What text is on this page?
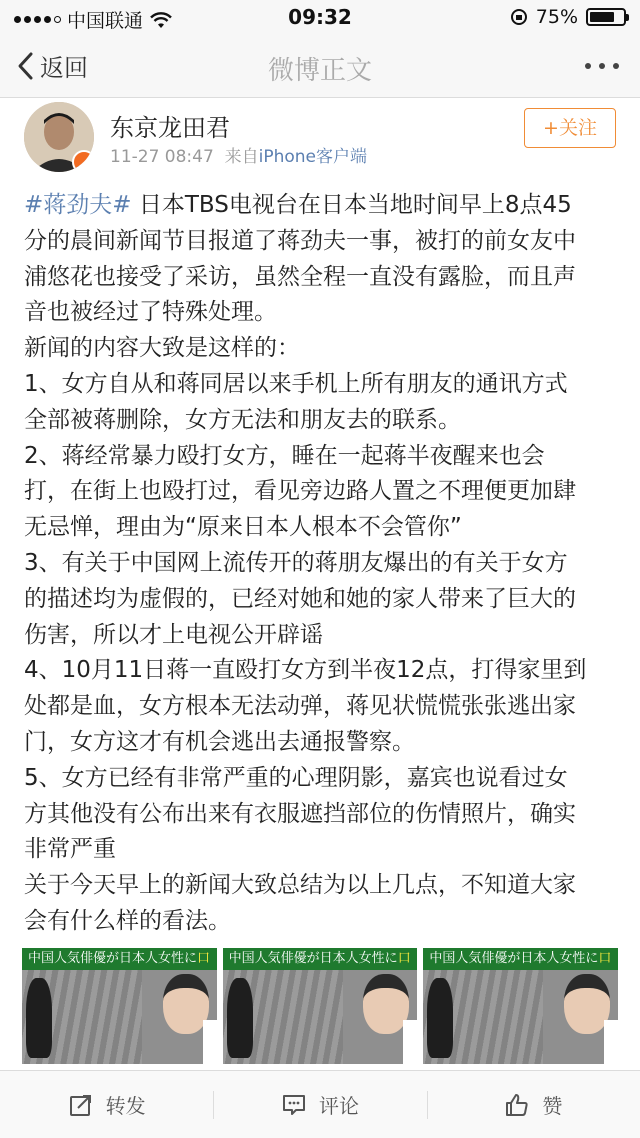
中国联通	09:32	75%
返回	微博正文
东京龙田君
11-27 08:47 来自iPhone客户端
+关注

#蒋劲夫# 日本TBS电视台在日本当地时间早上8点45

分的晨间新闻节目报道了蒋劲夫一事，被打的前女友中

浦悠花也接受了采访，虽然全程一直没有露脸，而且声

音也被经过了特殊处理。

新闻的内容大致是这样的：

1、女方自从和蒋同居以来手机上所有朋友的通讯方式

全部被蒋删除，女方无法和朋友去的联系。

2、蒋经常暴力殴打女方，睡在一起蒋半夜醒来也会

打，在街上也殴打过，看见旁边路人置之不理便更加肆

无忌惮，理由为“原来日本人根本不会管你”

3、有关于中国网上流传开的蒋朋友爆出的有关于女方

的描述均为虚假的，已经对她和她的家人带来了巨大的

伤害，所以才上电视公开辟谣

4、10月11日蒋一直殴打女方到半夜12点，打得家里到

处都是血，女方根本无法动弹，蒋见状慌慌张张逃出家

门，女方这才有机会逃出去通报警察。

5、女方已经有非常严重的心理阴影，嘉宾也说看过女

方其他没有公布出来有衣服遮挡部位的伤情照片，确实

非常严重

关于今天早上的新闻大致总结为以上几点，不知道大家

会有什么样的看法。

中国人気俳優が日本人女性に口	中国人気俳優が日本人女性に口	中国人気俳優が日本人女性に口
转发	评论	赞
